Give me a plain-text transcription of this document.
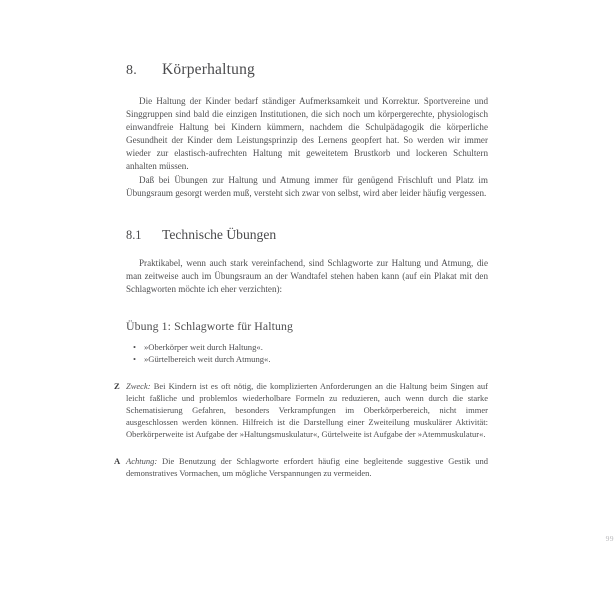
8.	Körperhaltung

Die Haltung der Kinder bedarf ständiger Aufmerksamkeit und Korrektur. Sportvereine und Singgruppen sind bald die einzigen Institutionen, die sich noch um körpergerechte, physiologisch einwandfreie Haltung bei Kindern kümmern, nachdem die Schulpädagogik die körperliche Gesundheit der Kinder dem Leistungsprinzip des Lernens geopfert hat. So werden wir immer wieder zur elastisch-aufrechten Haltung mit geweitetem Brustkorb und lockeren Schultern anhalten müssen.

Daß bei Übungen zur Haltung und Atmung immer für genügend Frischluft und Platz im Übungsraum gesorgt werden muß, versteht sich zwar von selbst, wird aber leider häufig vergessen.

8.1	Technische Übungen

Praktikabel, wenn auch stark vereinfachend, sind Schlagworte zur Haltung und Atmung, die man zeitweise auch im Übungsraum an der Wandtafel stehen haben kann (auf ein Plakat mit den Schlagworten möchte ich eher verzichten):

Übung 1: Schlagworte für Haltung
• »Oberkörper weit durch Haltung«.
• »Gürtelbereich weit durch Atmung«.
Z Zweck: Bei Kindern ist es oft nötig, die komplizierten Anforderungen an die Haltung beim Singen auf leicht faßliche und problemlos wiederholbare Formeln zu reduzieren, auch wenn durch die starke Schematisierung Gefahren, besonders Verkrampfungen im Oberkörperbereich, nicht immer ausgeschlossen werden können. Hilfreich ist die Darstellung einer Zweiteilung muskulärer Aktivität: Oberkörperweite ist Aufgabe der »Haltungsmuskulatur«, Gürtelweite ist Aufgabe der »Atemmuskulatur«.
A Achtung: Die Benutzung der Schlagworte erfordert häufig eine begleitende suggestive Gestik und demonstratives Vormachen, um mögliche Verspannungen zu vermeiden.
99
